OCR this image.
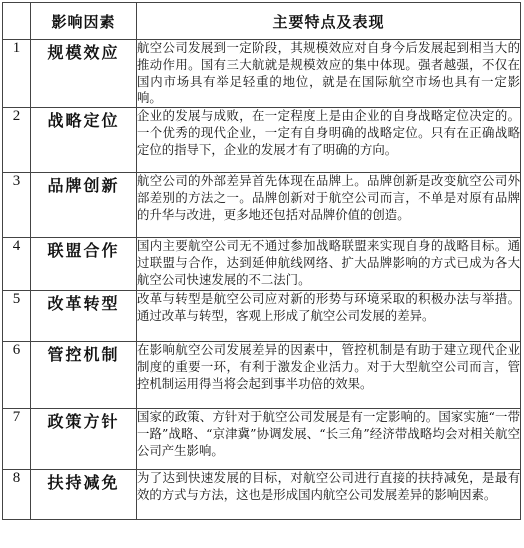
	影响因素	主要特点及表现
1	规模效应	航空公司发展到一定阶段，其规模效应对自身今后发展起到相当大的推动作用。国有三大航就是规模效应的集中体现。强者越强，不仅在国内市场具有举足轻重的地位，就是在国际航空市场也具有一定影响。
2	战略定位	企业的发展与成败，在一定程度上是由企业的自身战略定位决定的。一个优秀的现代企业，一定有自身明确的战略定位。只有在正确战略定位的指导下，企业的发展才有了明确的方向。
3	品牌创新	航空公司的外部差异首先体现在品牌上。品牌创新是改变航空公司外部差别的方法之一。品牌创新对于航空公司而言，不单是对原有品牌的升华与改进，更多地还包括对品牌价值的创造。
4	联盟合作	国内主要航空公司无不通过参加战略联盟来实现自身的战略目标。通过联盟与合作，达到延伸航线网络、扩大品牌影响的方式已成为各大航空公司快速发展的不二法门。
5	改革转型	改革与转型是航空公司应对新的形势与环境采取的积极办法与举措。通过改革与转型，客观上形成了航空公司发展的差异。
6	管控机制	在影响航空公司发展差异的因素中，管控机制是有助于建立现代企业制度的重要一环，有利于激发企业活力。对于大型航空公司而言，管控机制运用得当将会起到事半功倍的效果。
7	政策方针	国家的政策、方针对于航空公司发展是有一定影响的。国家实施“一带一路”战略、“京津冀”协调发展、“长三角”经济带战略均会对相关航空公司产生影响。
8	扶持减免	为了达到快速发展的目标，对航空公司进行直接的扶持减免，是最有效的方式与方法，这也是形成国内航空公司发展差异的影响因素。
